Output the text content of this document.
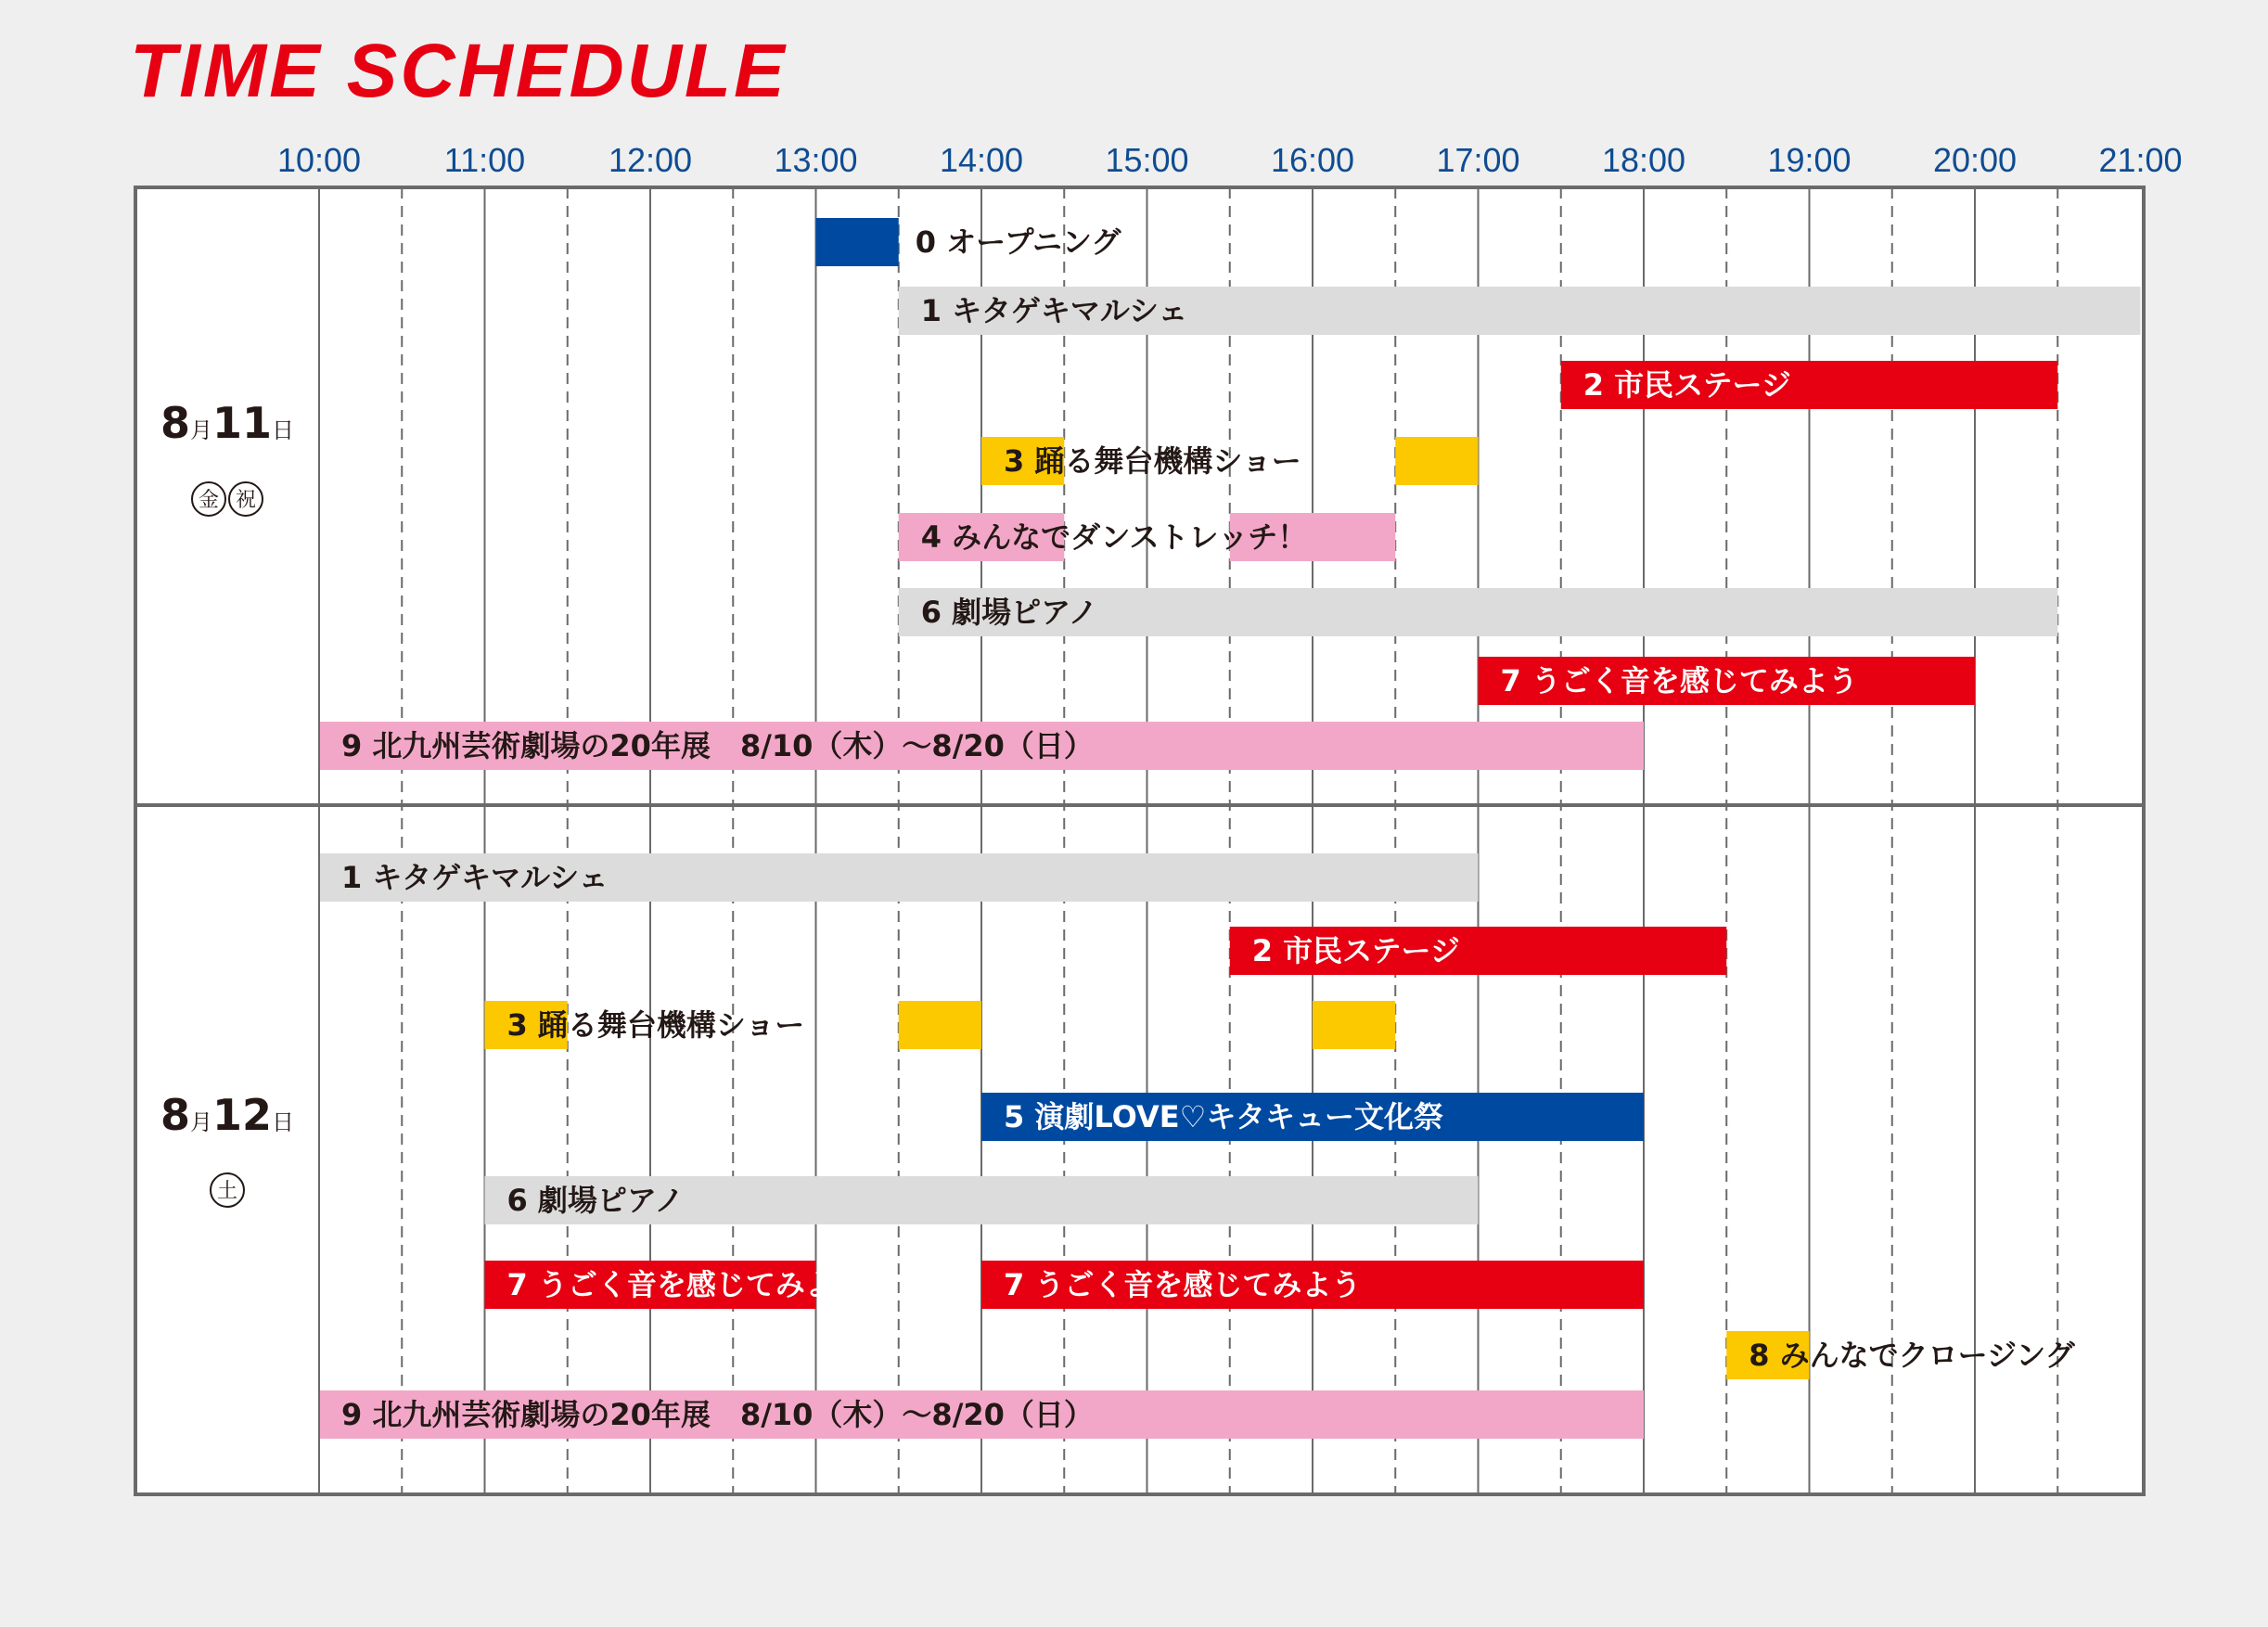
TIME SCHEDULE
10:00 11:00 12:00 13:00 14:00 15:00 16:00 17:00 18:00 19:00 20:00 21:00
8月11日
金 祝
0 オープニング
1 キタゲキマルシェ
2 市民ステージ
3 踊る舞台機構ショー
4 みんなでダンストレッチ！
6 劇場ピアノ
7 うごく音を感じてみよう
9 北九州芸術劇場の20年展　8/10（木）〜8/20（日）
8月12日
土
1 キタゲキマルシェ
2 市民ステージ
3 踊る舞台機構ショー
5 演劇LOVE♡キタキュー文化祭
6 劇場ピアノ
7 うごく音を感じてみよう	7 うごく音を感じてみよう
8 みんなでクロージング
9 北九州芸術劇場の20年展　8/10（木）〜8/20（日）
